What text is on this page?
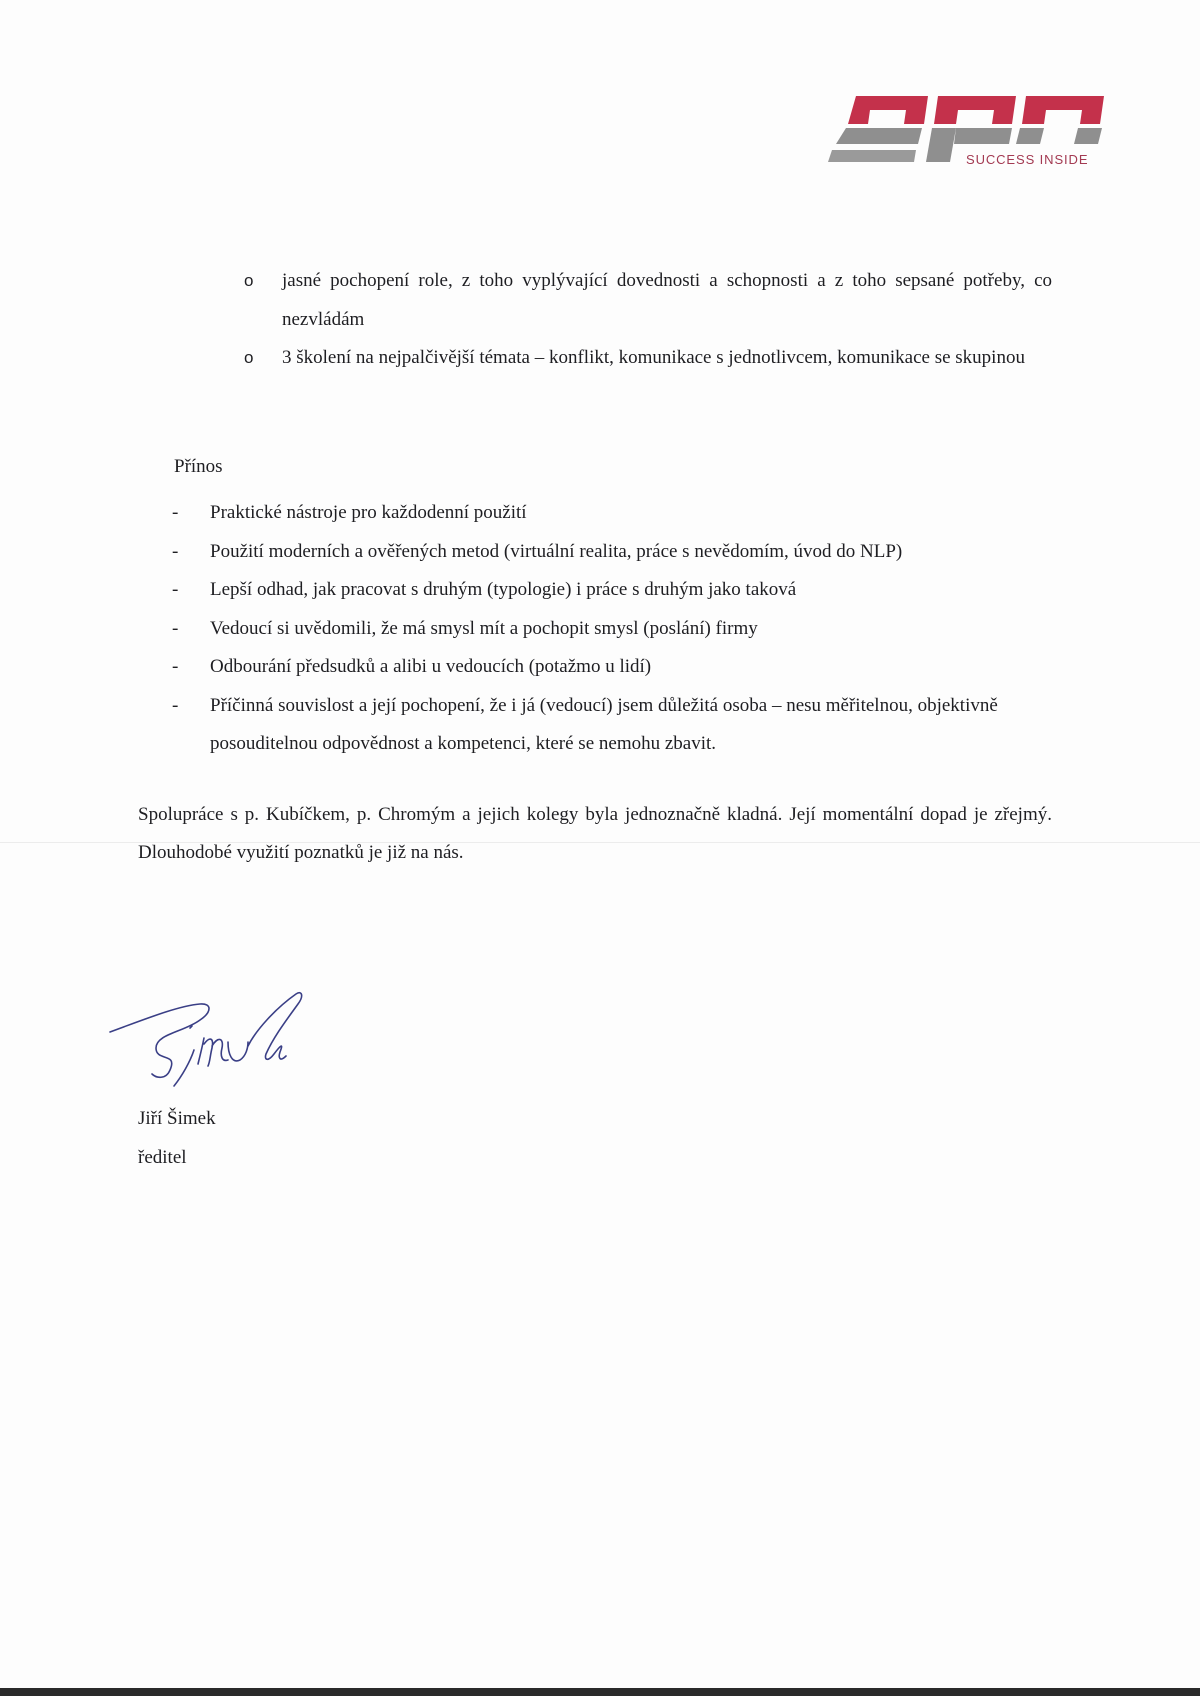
SUCCESS INSIDE
o jasné pochopení role, z toho vyplývající dovednosti a schopnosti a z toho sepsané potřeby, co nezvládám
o 3 školení na nejpalčivější témata – konflikt, komunikace s jednotlivcem, komunikace se skupinou
Přínos
- Praktické nástroje pro každodenní použití
- Použití moderních a ověřených metod (virtuální realita, práce s nevědomím, úvod do NLP)
- Lepší odhad, jak pracovat s druhým (typologie) i práce s druhým jako taková
- Vedoucí si uvědomili, že má smysl mít a pochopit smysl (poslání) firmy
- Odbourání předsudků a alibi u vedoucích (potažmo u lidí)
- Příčinná souvislost a její pochopení, že i já (vedoucí) jsem důležitá osoba – nesu měřitelnou, objektivně posouditelnou odpovědnost a kompetenci, které se nemohu zbavit.
Spolupráce s p. Kubíčkem, p. Chromým a jejich kolegy byla jednoznačně kladná. Její momentální dopad je zřejmý. Dlouhodobé využití poznatků je již na nás.
Jiří Šimek
ředitel
